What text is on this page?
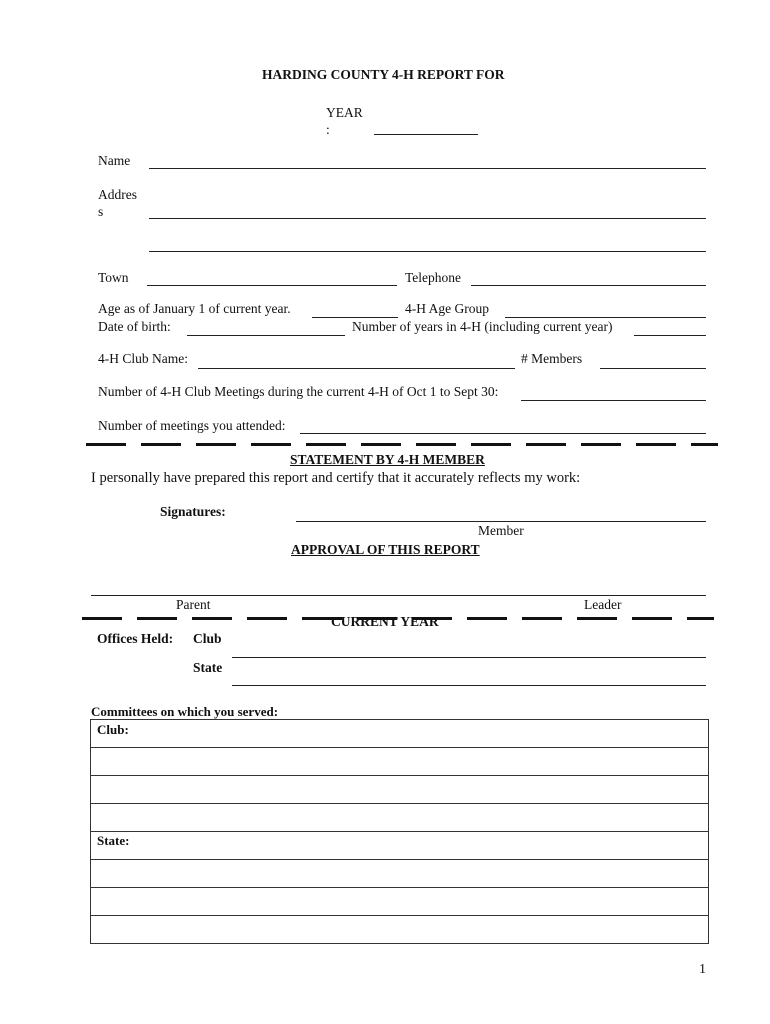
HARDING COUNTY 4-H REPORT FOR
YEAR
:
Name
Addres
s
Town	Telephone
Age as of January 1 of current year.	4-H Age Group
Date of birth:	Number of years in 4-H (including current year)
4-H Club Name:	# Members
Number of 4-H Club Meetings during the current 4-H of Oct 1 to Sept 30:
Number of meetings you attended:
STATEMENT BY 4-H MEMBER
I personally have prepared this report and certify that it accurately reflects my work:
Signatures:
Member
APPROVAL OF THIS REPORT
Parent	Leader
CURRENT YEAR
Offices Held: Club
State
Committees on which you served:
Club:
State:
1
